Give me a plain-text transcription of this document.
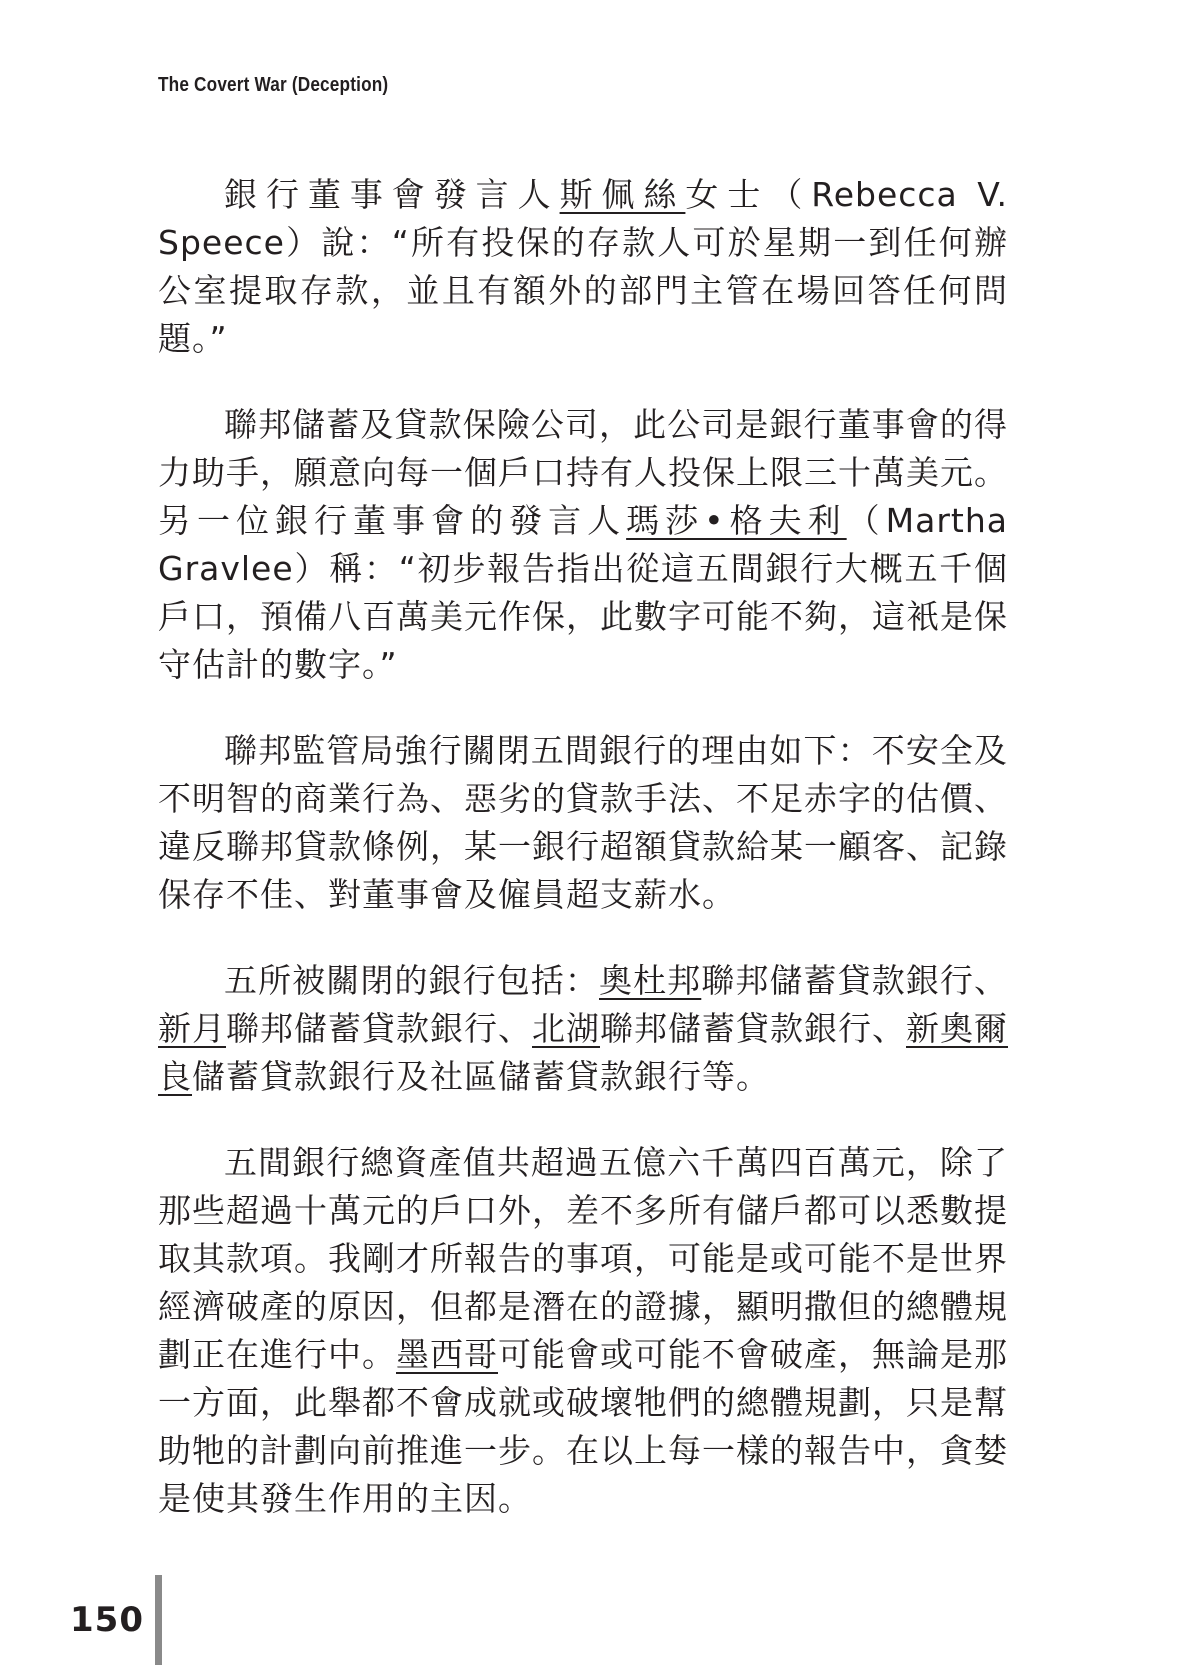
The Covert War (Deception)

銀行董事會發言人斯佩絲女士（Rebecca V. Speece）說：“所有投保的存款人可於星期一到任何辦公室提取存款，並且有額外的部門主管在場回答任何問題。”

聯邦儲蓄及貸款保險公司，此公司是銀行董事會的得力助手，願意向每一個戶口持有人投保上限三十萬美元。另一位銀行董事會的發言人瑪莎•格夫利（Martha Gravlee）稱：“初步報告指出從這五間銀行大概五千個戶口，預備八百萬美元作保，此數字可能不夠，這衹是保守估計的數字。”

聯邦監管局強行關閉五間銀行的理由如下：不安全及不明智的商業行為、惡劣的貸款手法、不足赤字的估價、違反聯邦貸款條例，某一銀行超額貸款給某一顧客、記錄保存不佳、對董事會及僱員超支薪水。

五所被關閉的銀行包括：奧杜邦聯邦儲蓄貸款銀行、新月聯邦儲蓄貸款銀行、北湖聯邦儲蓄貸款銀行、新奧爾良儲蓄貸款銀行及社區儲蓄貸款銀行等。

五間銀行總資產值共超過五億六千萬四百萬元，除了那些超過十萬元的戶口外，差不多所有儲戶都可以悉數提取其款項。我剛才所報告的事項，可能是或可能不是世界經濟破產的原因，但都是潛在的證據，顯明撒但的總體規劃正在進行中。墨西哥可能會或可能不會破產，無論是那一方面，此舉都不會成就或破壞牠們的總體規劃，只是幫助牠的計劃向前推進一步。在以上每一樣的報告中，貪婪是使其發生作用的主因。

150
